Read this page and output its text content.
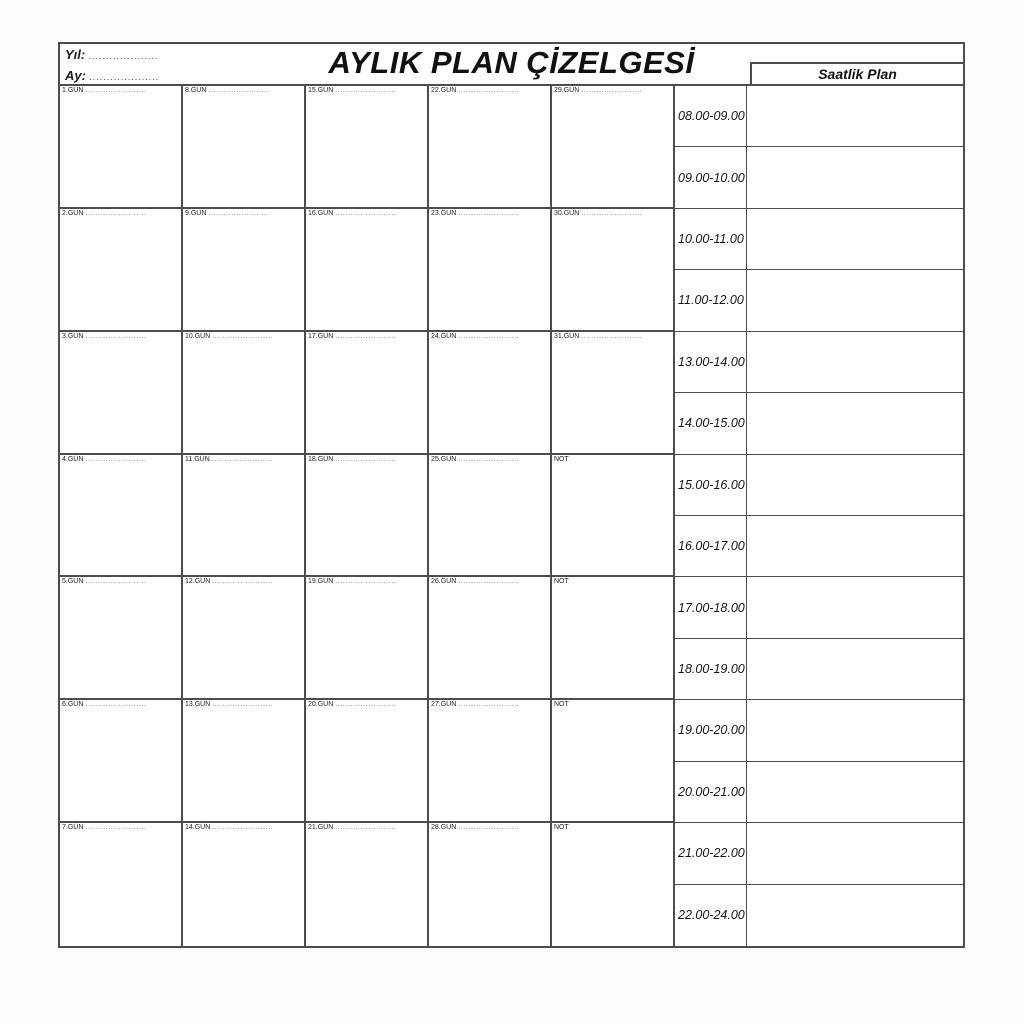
Yıl: ....................
Ay: ....................	AYLIK PLAN ÇİZELGESİ	Saatlik Plan
1.GÜN ........................	8.GÜN ........................	15.GÜN ........................	22.GÜN ........................	29.GÜN ........................
2.GÜN ........................	9.GÜN ........................	16.GÜN ........................	23.GÜN ........................	30.GÜN ........................
3.GÜN ........................	10.GÜN ........................	17.GÜN ........................	24.GÜN ........................	31.GÜN ........................
4.GÜN ........................	11.GÜN ........................	18.GÜN ........................	25.GÜN ........................	NOT
5.GÜN ........................	12.GÜN ........................	19.GÜN ........................	26.GÜN ........................	NOT
6.GÜN ........................	13.GÜN ........................	20.GÜN ........................	27.GÜN ........................	NOT
7.GÜN ........................	14.GÜN ........................	21.GÜN ........................	28.GÜN ........................	NOT
08.00-09.00
09.00-10.00
10.00-11.00
11.00-12.00
13.00-14.00
14.00-15.00
15.00-16.00
16.00-17.00
17.00-18.00
18.00-19.00
19.00-20.00
20.00-21.00
21.00-22.00
22.00-24.00
